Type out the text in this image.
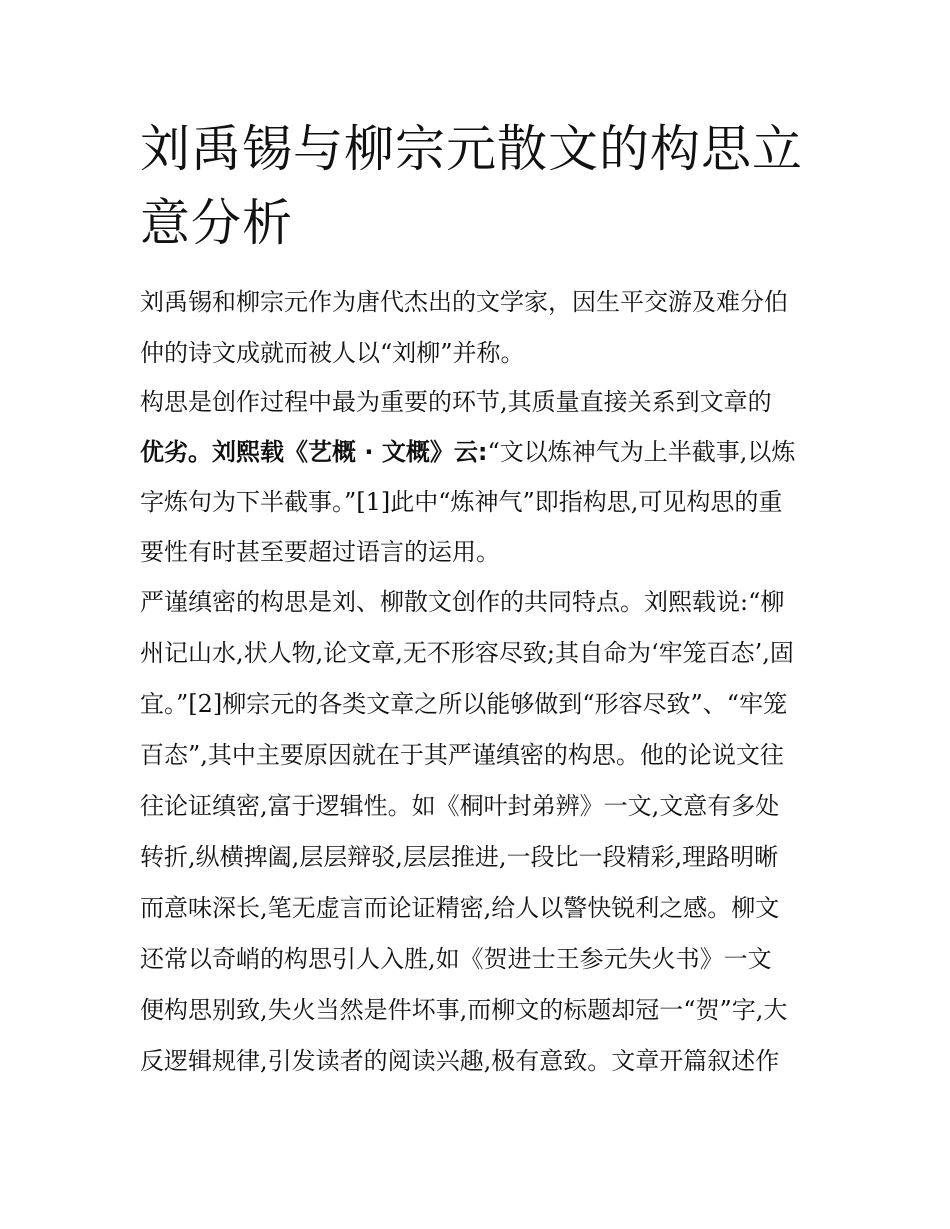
刘禹锡与柳宗元散文的构思立
意分析

刘禹锡和柳宗元作为唐代杰出的文学家，因生平交游及难分伯

仲的诗文成就而被人以“刘柳”并称。

构思是创作过程中最为重要的环节,其质量直接关系到文章的

优劣。刘熙载《艺概 · 文概》云:“文以炼神气为上半截事,以炼

字炼句为下半截事。”[1]此中“炼神气”即指构思,可见构思的重

要性有时甚至要超过语言的运用。

严谨缜密的构思是刘、柳散文创作的共同特点。刘熙载说:“柳

州记山水,状人物,论文章,无不形容尽致;其自命为‘牢笼百态’,固

宜。”[2]柳宗元的各类文章之所以能够做到“形容尽致”、“牢笼

百态”,其中主要原因就在于其严谨缜密的构思。他的论说文往

往论证缜密,富于逻辑性。如《桐叶封弟辨》一文,文意有多处

转折,纵横捭阖,层层辩驳,层层推进,一段比一段精彩,理路明晰

而意味深长,笔无虚言而论证精密,给人以警快锐利之感。柳文

还常以奇峭的构思引人入胜,如《贺进士王参元失火书》一文

便构思别致,失火当然是件坏事,而柳文的标题却冠一“贺”字,大

反逻辑规律,引发读者的阅读兴趣,极有意致。文章开篇叙述作
